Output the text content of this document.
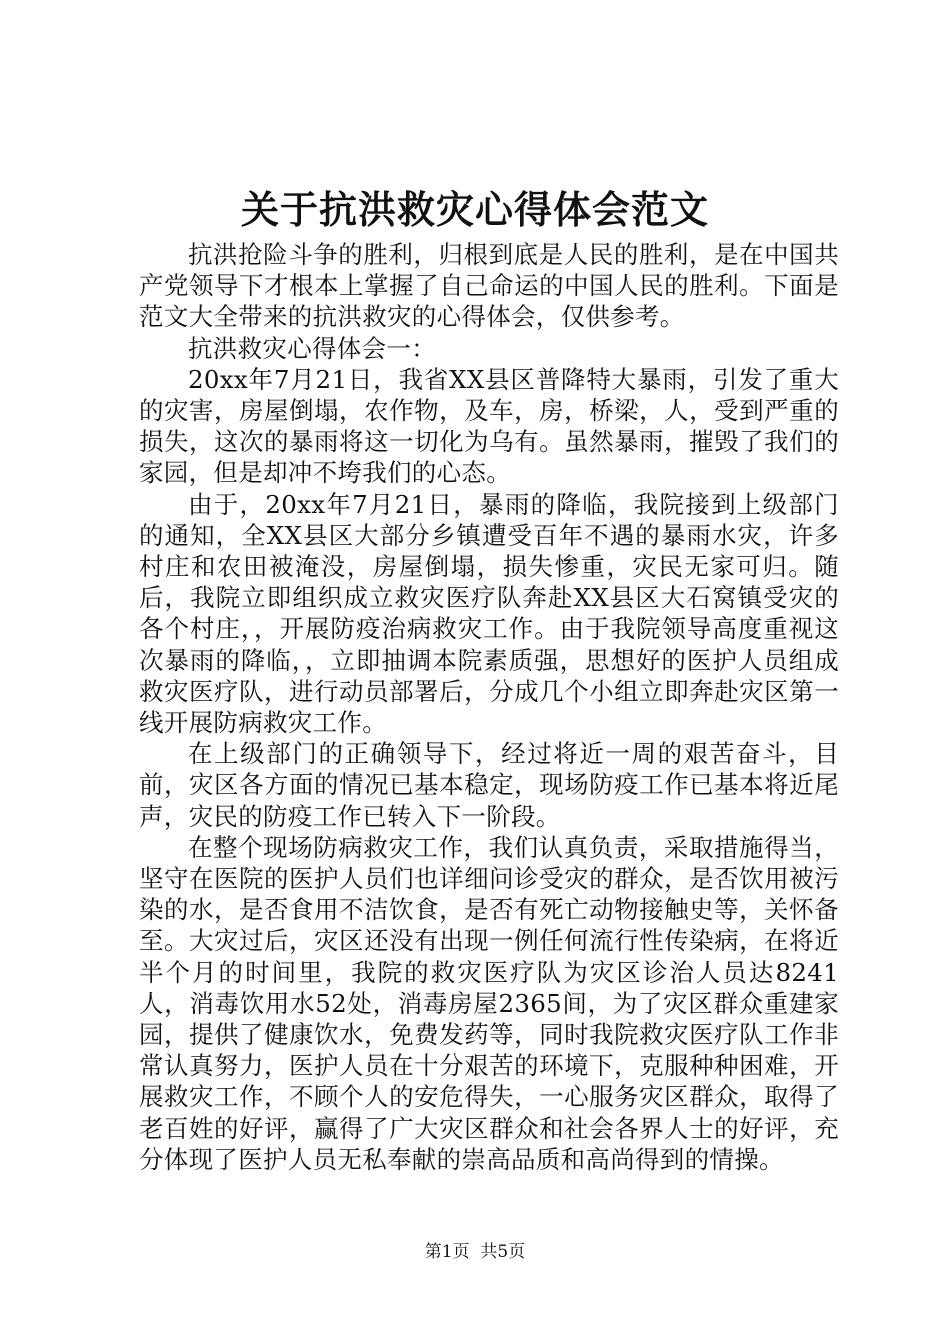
关于抗洪救灾心得体会范文

抗洪抢险斗争的胜利，归根到底是人民的胜利，是在中国共产党领导下才根本上掌握了自己命运的中国人民的胜利。下面是范文大全带来的抗洪救灾的心得体会，仅供参考。

抗洪救灾心得体会一：

20xx年7月21日，我省XX县区普降特大暴雨，引发了重大的灾害，房屋倒塌，农作物，及车，房，桥梁，人，受到严重的损失，这次的暴雨将这一切化为乌有。虽然暴雨，摧毁了我们的家园，但是却冲不垮我们的心态。

由于，20xx年7月21日，暴雨的降临，我院接到上级部门的通知，全XX县区大部分乡镇遭受百年不遇的暴雨水灾，许多村庄和农田被淹没，房屋倒塌，损失惨重，灾民无家可归。随后，我院立即组织成立救灾医疗队奔赴XX县区大石窝镇受灾的各个村庄，，开展防疫治病救灾工作。由于我院领导高度重视这次暴雨的降临，，立即抽调本院素质强，思想好的医护人员组成救灾医疗队，进行动员部署后，分成几个小组立即奔赴灾区第一线开展防病救灾工作。

在上级部门的正确领导下，经过将近一周的艰苦奋斗，目前，灾区各方面的情况已基本稳定，现场防疫工作已基本将近尾声，灾民的防疫工作已转入下一阶段。

在整个现场防病救灾工作，我们认真负责，采取措施得当，坚守在医院的医护人员们也详细问诊受灾的群众，是否饮用被污染的水，是否食用不洁饮食，是否有死亡动物接触史等，关怀备至。大灾过后，灾区还没有出现一例任何流行性传染病，在将近半个月的时间里，我院的救灾医疗队为灾区诊治人员达8241人，消毒饮用水52处，消毒房屋2365间，为了灾区群众重建家园，提供了健康饮水，免费发药等，同时我院救灾医疗队工作非常认真努力，医护人员在十分艰苦的环境下，克服种种困难，开展救灾工作，不顾个人的安危得失，一心服务灾区群众，取得了老百姓的好评，赢得了广大灾区群众和社会各界人士的好评，充分体现了医护人员无私奉献的崇高品质和高尚得到的情操。

第1页 共5页
